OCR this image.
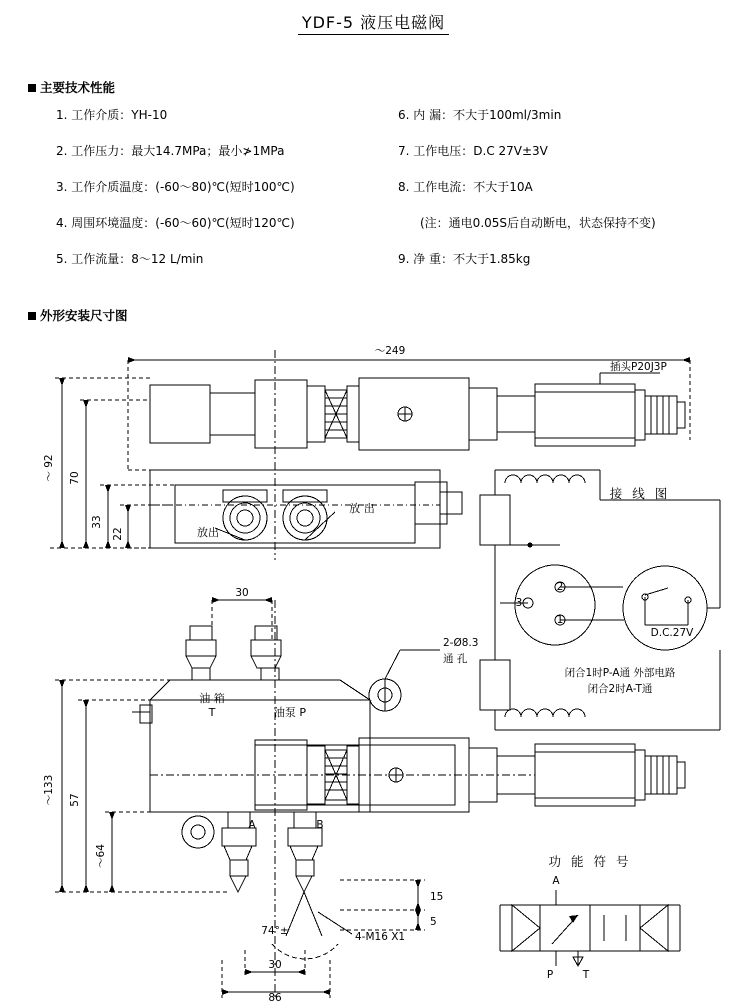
YDF-5 液压电磁阀
主要技术性能
1. 工作介质：YH-10
2. 工作压力：最大14.7MPa；最小≯1MPa
3. 工作介质温度：(-60～80)℃(短时100℃)
4. 周围环境温度：(-60～60)℃(短时120℃)
5. 工作流量：8～12 L/min
6. 内 漏：不大于100ml/3min
7. 工作电压：D.C 27V±3V
8. 工作电流：不大于10A
(注：通电0.05S后自动断电，状态保持不变)
9. 净 重：不大于1.85kg
外形安装尺寸图
～249
～ 92 70
33
22	放出
放 出
插头P20J3P
30
～133 57
～64
2-Ø8.3
通 孔
油 箱
T	油泵 P
A	B
15
5
4-M16 X1
74°±
30
86
接 线 图
2
1
3
D.C.27V
闭合1时P-A通 外部电路
闭合2时A-T通
功 能 符 号
A
P	T
